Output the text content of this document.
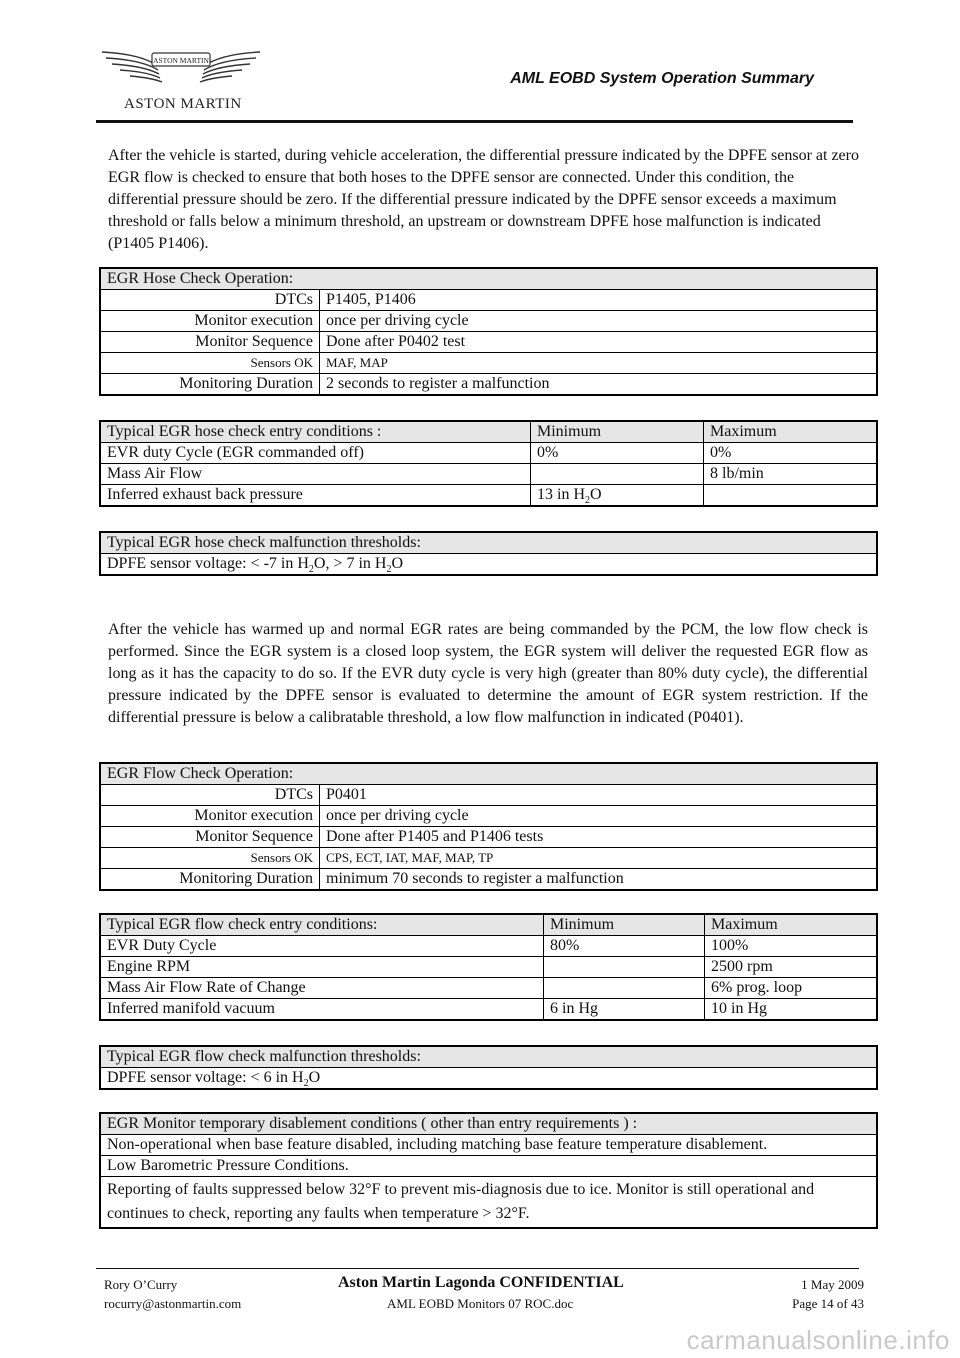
ASTON MARTIN
ASTON MARTIN
AML EOBD System Operation Summary

After the vehicle is started, during vehicle acceleration, the differential pressure indicated by the DPFE sensor at zero EGR flow is checked to ensure that both hoses to the DPFE sensor are connected. Under this condition, the differential pressure should be zero. If the differential pressure indicated by the DPFE sensor exceeds a maximum threshold or falls below a minimum threshold, an upstream or downstream DPFE hose malfunction is indicated (P1405 P1406).

EGR Hose Check Operation:	
DTCs	P1405, P1406
Monitor execution	once per driving cycle
Monitor Sequence	Done after P0402 test
Sensors OK	MAF, MAP
Monitoring Duration	2 seconds to register a malfunction
Typical EGR hose check entry conditions :	Minimum	Maximum
EVR duty Cycle (EGR commanded off)	0%	0%
Mass Air Flow		8 lb/min
Inferred exhaust back pressure	13 in $H_2O$	
Typical EGR hose check malfunction thresholds:
DPFE sensor voltage: < -7 in $H_2O$, > 7 in $H_2O$

After the vehicle has warmed up and normal EGR rates are being commanded by the PCM, the low flow check is performed. Since the EGR system is a closed loop system, the EGR system will deliver the requested EGR flow as long as it has the capacity to do so. If the EVR duty cycle is very high (greater than 80% duty cycle), the differential pressure indicated by the DPFE sensor is evaluated to determine the amount of EGR system restriction. If the differential pressure is below a calibratable threshold, a low flow malfunction in indicated (P0401).

EGR Flow Check Operation:	
DTCs	P0401
Monitor execution	once per driving cycle
Monitor Sequence	Done after P1405 and P1406 tests
Sensors OK	CPS, ECT, IAT, MAF, MAP, TP
Monitoring Duration	minimum 70 seconds to register a malfunction
Typical EGR flow check entry conditions:	Minimum	Maximum
EVR Duty Cycle	80%	100%
Engine RPM		2500 rpm
Mass Air Flow Rate of Change		6% prog. loop
Inferred manifold vacuum	6 in Hg	10 in Hg
Typical EGR flow check malfunction thresholds:
DPFE sensor voltage: < 6 in $H_2O$
EGR Monitor temporary disablement conditions ( other than entry requirements ) :
Non-operational when base feature disabled, including matching base feature temperature disablement.
Low Barometric Pressure Conditions.
Reporting of faults suppressed below 32°F to prevent mis-diagnosis due to ice. Monitor is still operational and continues to check, reporting any faults when temperature > 32°F.
Rory O’Curry
rocurry@astonmartin.com
Aston Martin Lagonda CONFIDENTIAL
AML EOBD Monitors 07 ROC.doc
1 May 2009
Page 14 of 43
carmanualsonline.info
